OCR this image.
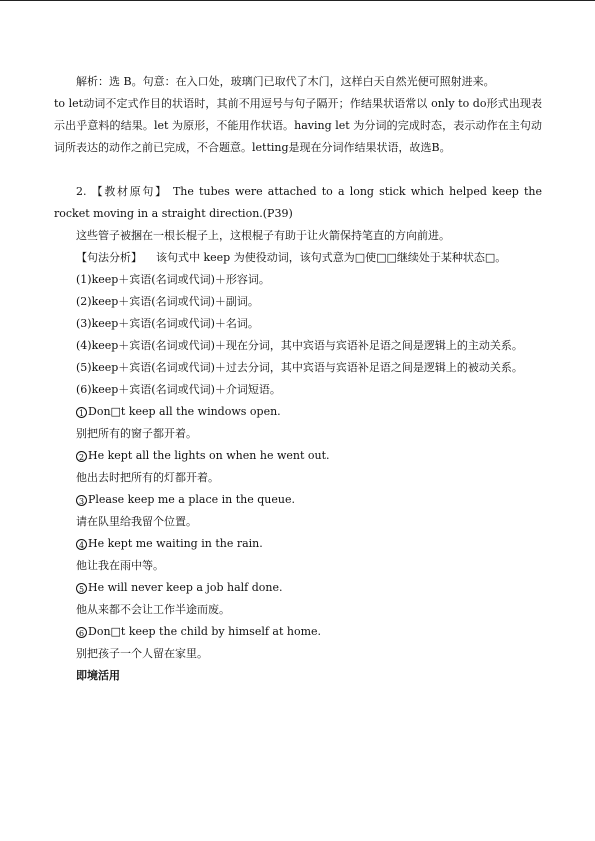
解析：选 B。句意：在入口处，玻璃门已取代了木门，这样白天自然光便可照射进来。

to let动词不定式作目的状语时，其前不用逗号与句子隔开；作结果状语常以 only to do形式出现表示出乎意料的结果。let 为原形，不能用作状语。having let 为分词的完成时态，表示动作在主句动词所表达的动作之前已完成，不合题意。letting是现在分词作结果状语，故选B。

2. 【教材原句】 The tubes were attached to a long stick which helped keep the rocket moving in a straight direction.(P39)

这些管子被捆在一根长棍子上，这根棍子有助于让火箭保持笔直的方向前进。

【句法分析】 该句式中 keep 为使役动词，该句式意为□使□□继续处于某种状态□。

(1)keep＋宾语(名词或代词)＋形容词。

(2)keep＋宾语(名词或代词)＋副词。

(3)keep＋宾语(名词或代词)＋名词。

(4)keep＋宾语(名词或代词)＋现在分词，其中宾语与宾语补足语之间是逻辑上的主动关系。

(5)keep＋宾语(名词或代词)＋过去分词，其中宾语与宾语补足语之间是逻辑上的被动关系。

(6)keep＋宾语(名词或代词)＋介词短语。

1 Don□t keep all the windows open.

别把所有的窗子都开着。

2 He kept all the lights on when he went out.

他出去时把所有的灯都开着。

3 Please keep me a place in the queue.

请在队里给我留个位置。

4 He kept me waiting in the rain.

他让我在雨中等。

5 He will never keep a job half done.

他从来都不会让工作半途而废。

6 Don□t keep the child by himself at home.

别把孩子一个人留在家里。

即境活用
